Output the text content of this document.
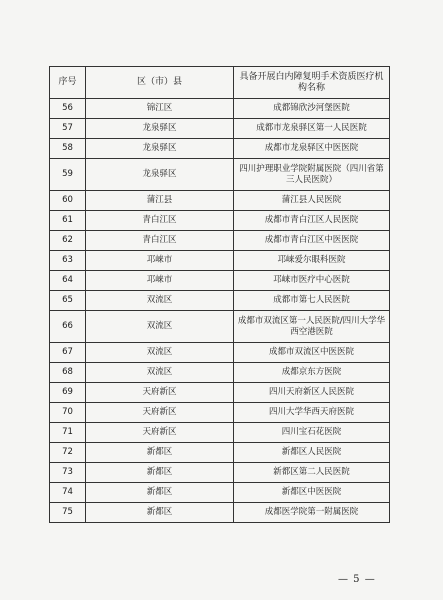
序号	区（市）县	具备开展白内障复明手术资质医疗机构名称

56	锦江区	成都锦欣沙河堡医院
57	龙泉驿区	成都市龙泉驿区第一人民医院
58	龙泉驿区	成都市龙泉驿区中医医院
59	龙泉驿区	四川护理职业学院附属医院（四川省第三人民医院）

60	蒲江县	蒲江县人民医院
61	青白江区	成都市青白江区人民医院
62	青白江区	成都市青白江区中医医院
63	邛崃市	邛崃爱尔眼科医院
64	邛崃市	邛崃市医疗中心医院
65	双流区	成都市第七人民医院
66	双流区	成都市双流区第一人民医院/四川大学华西空港医院

67	双流区	成都市双流区中医医院
68	双流区	成都京东方医院
69	天府新区	四川天府新区人民医院
70	天府新区	四川大学华西天府医院
71	天府新区	四川宝石花医院
72	新都区	新都区人民医院
73	新都区	新都区第二人民医院
74	新都区	新都区中医医院
75	新都区	成都医学院第一附属医院
— 5 —
